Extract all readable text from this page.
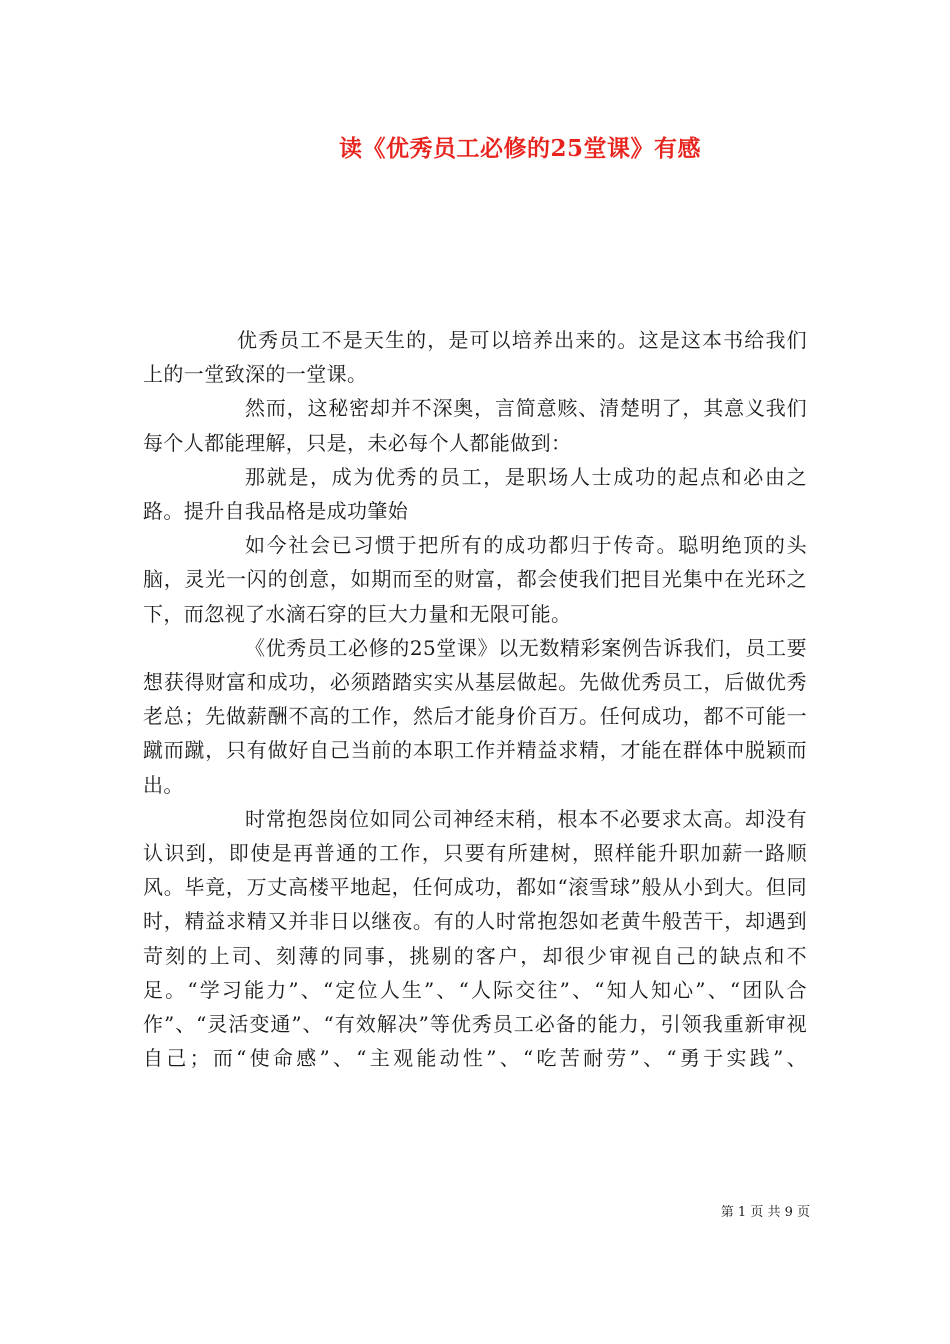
读《优秀员工必修的25堂课》有感

优秀员工不是天生的，是可以培养出来的。这是这本书给我们上的一堂致深的一堂课。

然而，这秘密却并不深奥，言简意赅、清楚明了，其意义我们每个人都能理解，只是，未必每个人都能做到：

那就是，成为优秀的员工，是职场人士成功的起点和必由之路。提升自我品格是成功肇始

如今社会已习惯于把所有的成功都归于传奇。聪明绝顶的头脑，灵光一闪的创意，如期而至的财富，都会使我们把目光集中在光环之下，而忽视了水滴石穿的巨大力量和无限可能。

《优秀员工必修的25堂课》以无数精彩案例告诉我们，员工要想获得财富和成功，必须踏踏实实从基层做起。先做优秀员工，后做优秀老总；先做薪酬不高的工作，然后才能身价百万。任何成功，都不可能一蹴而蹴，只有做好自己当前的本职工作并精益求精，才能在群体中脱颖而出。

时常抱怨岗位如同公司神经末稍，根本不必要求太高。却没有认识到，即使是再普通的工作，只要有所建树，照样能升职加薪一路顺风。毕竟，万丈高楼平地起，任何成功，都如“滚雪球”般从小到大。但同时，精益求精又并非日以继夜。有的人时常抱怨如老黄牛般苦干，却遇到苛刻的上司、刻薄的同事，挑剔的客户，却很少审视自己的缺点和不足。“学习能力”、“定位人生”、“人际交往”、“知人知心”、“团队合作”、“灵活变通”、“有效解决”等优秀员工必备的能力，引领我重新审视自己；而“使命感”、“主观能动性”、“吃苦耐劳”、“勇于实践”、

第 1 页 共 9 页
